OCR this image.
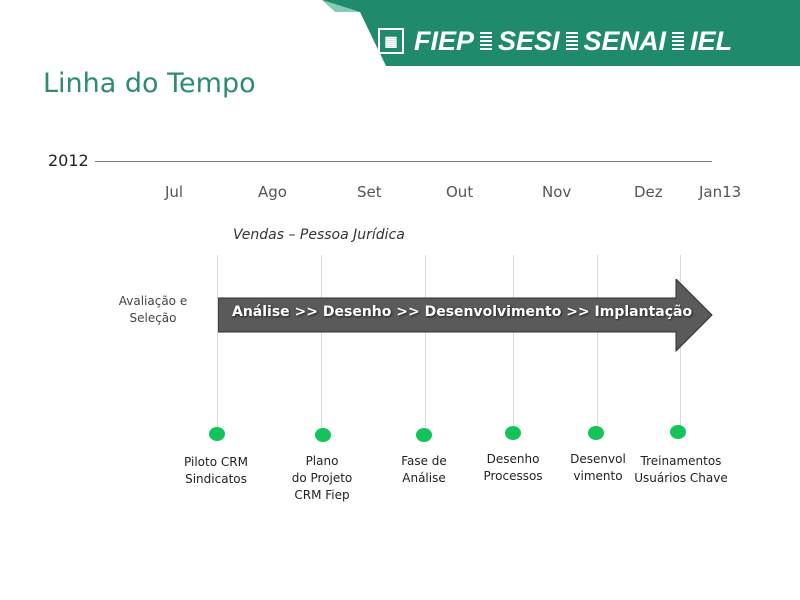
▦ FIEP SESI SENAI IEL
Linha do Tempo
2012
Jul	Ago	Set	Out	Nov	Dez Jan13
Vendas – Pessoa Jurídica
Avaliação e
Seleção	Análise >> Desenho >> Desenvolvimento >> Implantação
Piloto CRM
Sindicatos
Plano
do Projeto
CRM Fiep
Fase de
Análise
Desenho
Processos
Desenvol
vimento
Treinamentos
Usuários Chave
